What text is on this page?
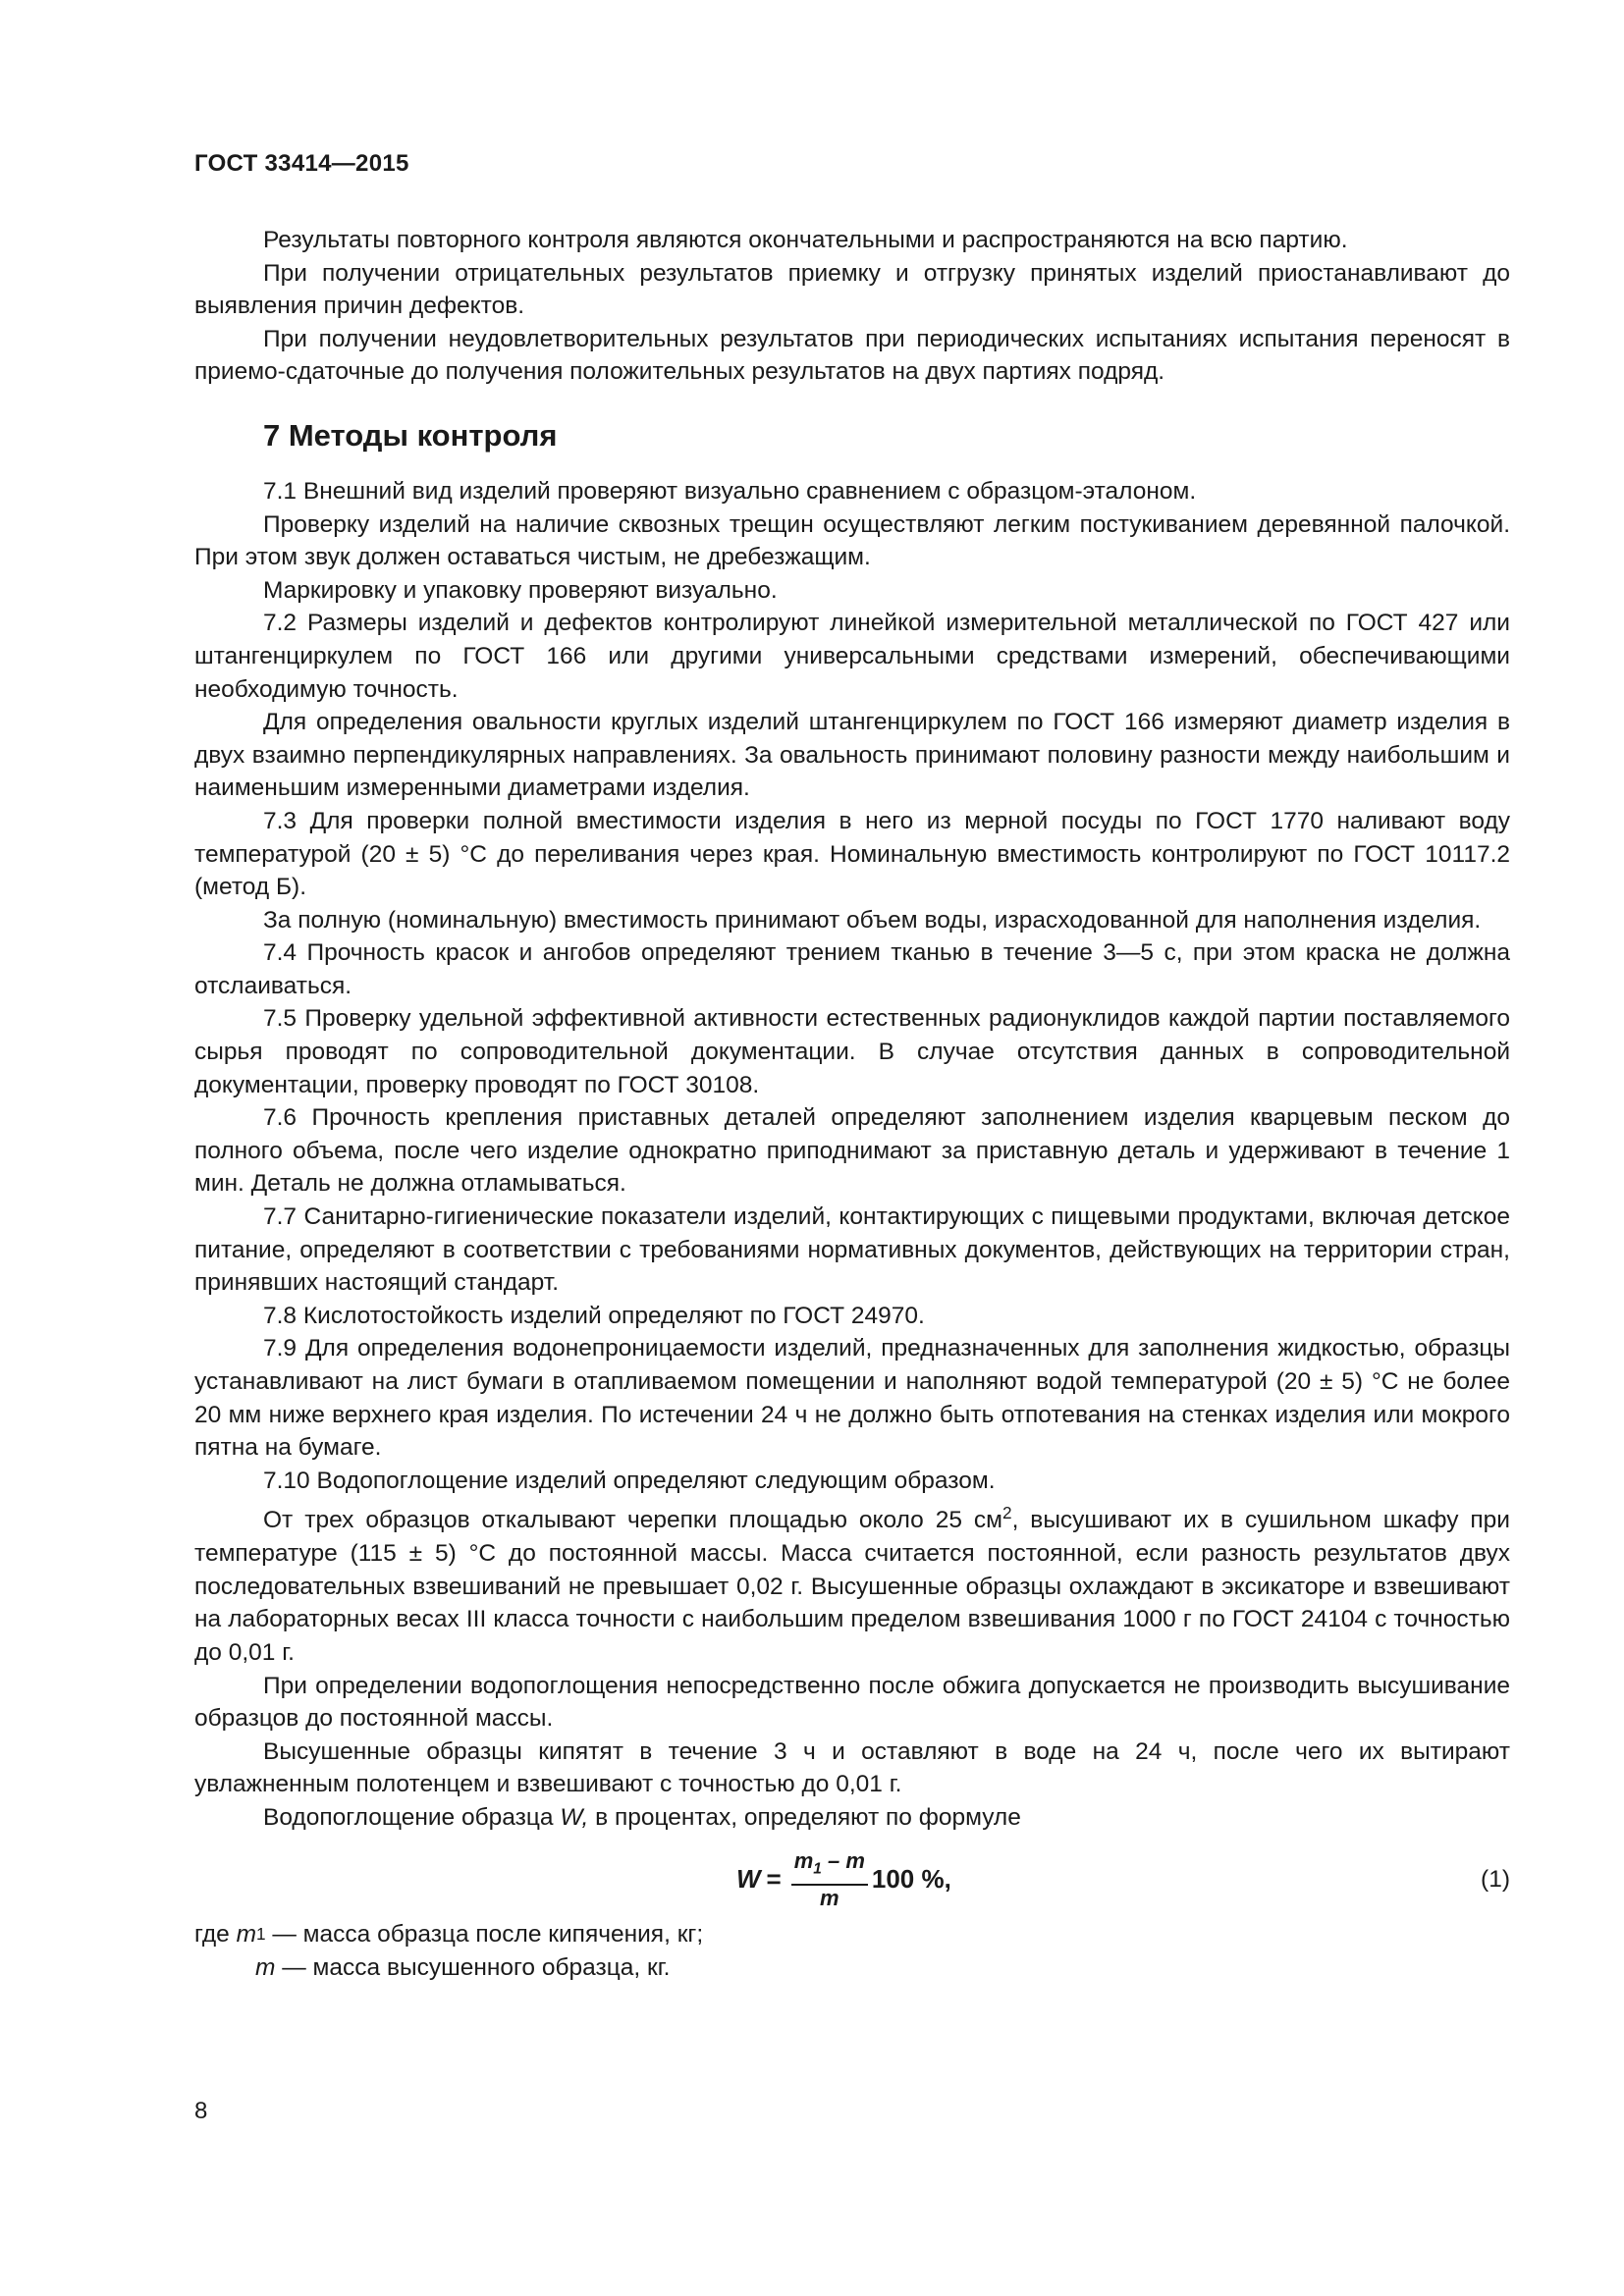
ГОСТ 33414—2015

Результаты повторного контроля являются окончательными и распространяются на всю партию.

При получении отрицательных результатов приемку и отгрузку принятых изделий приостанавливают до выявления причин дефектов.

При получении неудовлетворительных результатов при периодических испытаниях испытания переносят в приемо-сдаточные до получения положительных результатов на двух партиях подряд.

7 Методы контроля

7.1 Внешний вид изделий проверяют визуально сравнением с образцом-эталоном.

Проверку изделий на наличие сквозных трещин осуществляют легким постукиванием деревянной палочкой. При этом звук должен оставаться чистым, не дребезжащим.

Маркировку и упаковку проверяют визуально.

7.2 Размеры изделий и дефектов контролируют линейкой измерительной металлической по ГОСТ 427 или штангенциркулем по ГОСТ 166 или другими универсальными средствами измерений, обеспечивающими необходимую точность.

Для определения овальности круглых изделий штангенциркулем по ГОСТ 166 измеряют диаметр изделия в двух взаимно перпендикулярных направлениях. За овальность принимают половину разности между наибольшим и наименьшим измеренными диаметрами изделия.

7.3 Для проверки полной вместимости изделия в него из мерной посуды по ГОСТ 1770 наливают воду температурой (20 ± 5) °С до переливания через края. Номинальную вместимость контролируют по ГОСТ 10117.2 (метод Б).

За полную (номинальную) вместимость принимают объем воды, израсходованной для наполнения изделия.

7.4 Прочность красок и ангобов определяют трением тканью в течение 3—5 с, при этом краска не должна отслаиваться.

7.5 Проверку удельной эффективной активности естественных радионуклидов каждой партии поставляемого сырья проводят по сопроводительной документации. В случае отсутствия данных в сопроводительной документации, проверку проводят по ГОСТ 30108.

7.6 Прочность крепления приставных деталей определяют заполнением изделия кварцевым песком до полного объема, после чего изделие однократно приподнимают за приставную деталь и удерживают в течение 1 мин. Деталь не должна отламываться.

7.7 Санитарно-гигиенические показатели изделий, контактирующих с пищевыми продуктами, включая детское питание, определяют в соответствии с требованиями нормативных документов, действующих на территории стран, принявших настоящий стандарт.

7.8 Кислотостойкость изделий определяют по ГОСТ 24970.

7.9 Для определения водонепроницаемости изделий, предназначенных для заполнения жидкостью, образцы устанавливают на лист бумаги в отапливаемом помещении и наполняют водой температурой (20 ± 5) °С не более 20 мм ниже верхнего края изделия. По истечении 24 ч не должно быть отпотевания на стенках изделия или мокрого пятна на бумаге.

7.10 Водопоглощение изделий определяют следующим образом.

От трех образцов откалывают черепки площадью около 25 $см^2$, высушивают их в сушильном шкафу при температуре (115 ± 5) °С до постоянной массы. Масса считается постоянной, если разность результатов двух последовательных взвешиваний не превышает 0,02 г. Высушенные образцы охлаждают в эксикаторе и взвешивают на лабораторных весах III класса точности с наибольшим пределом взвешивания 1000 г по ГОСТ 24104 с точностью до 0,01 г.

При определении водопоглощения непосредственно после обжига допускается не производить высушивание образцов до постоянной массы.

Высушенные образцы кипятят в течение 3 ч и оставляют в воде на 24 ч, после чего их вытирают увлажненным полотенцем и взвешивают с точностью до 0,01 г.

Водопоглощение образца W, в процентах, определяют по формуле

$W = \frac{m_1 - m}{m} 100$ %,	(1)
где m 1 — масса образца после кипячения, кг;
m — масса высушенного образца, кг.
8
